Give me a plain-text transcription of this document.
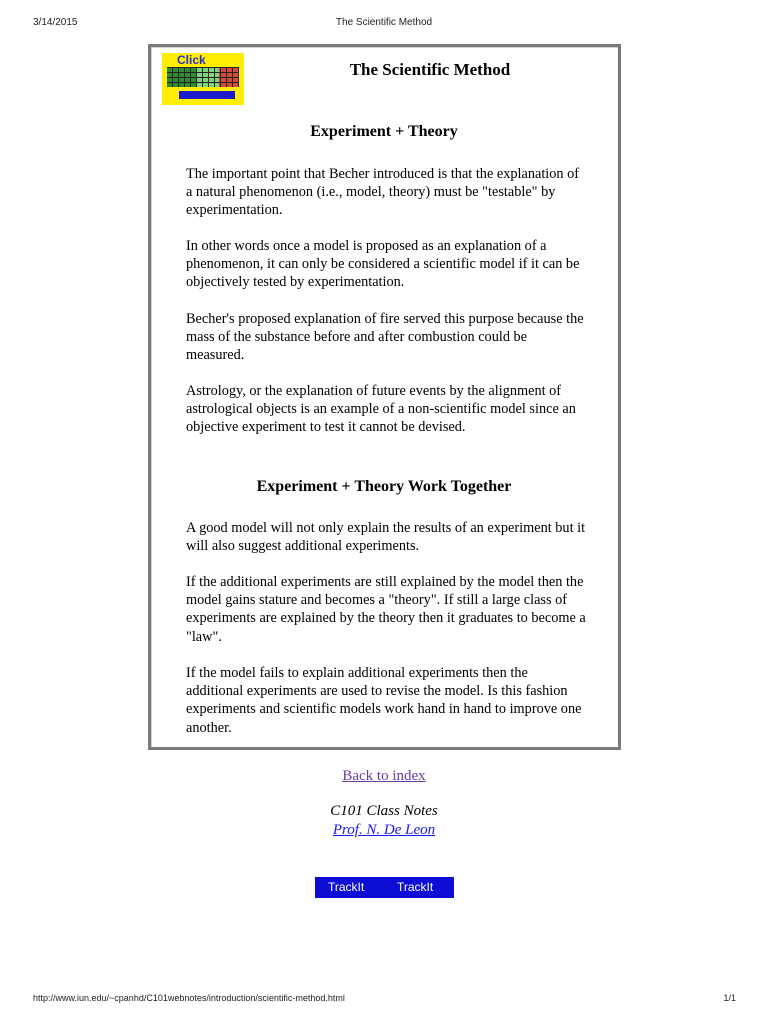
3/14/2015	The Scientific Method
Click	The Scientific Method
Experiment + Theory

The important point that Becher introduced is that the explanation of a natural phenomenon (i.e., model, theory) must be "testable" by experimentation.

In other words once a model is proposed as an explanation of a phenomenon, it can only be considered a scientific model if it can be objectively tested by experimentation.

Becher's proposed explanation of fire served this purpose because the mass of the substance before and after combustion could be measured.

Astrology, or the explanation of future events by the alignment of astrological objects is an example of a non-scientific model since an objective experiment to test it cannot be devised.

Experiment + Theory Work Together

A good model will not only explain the results of an experiment but it will also suggest additional experiments.

If the additional experiments are still explained by the model then the model gains stature and becomes a "theory". If still a large class of experiments are explained by the theory then it graduates to become a "law".

If the model fails to explain additional experiments then the additional experiments are used to revise the model. Is this fashion experiments and scientific models work hand in hand to improve one another.

Back to index
C101 Class Notes
Prof. N. De Leon
TrackIt	TrackIt
http://www.iun.edu/~cpanhd/C101webnotes/introduction/scientific-method.html	1/1
